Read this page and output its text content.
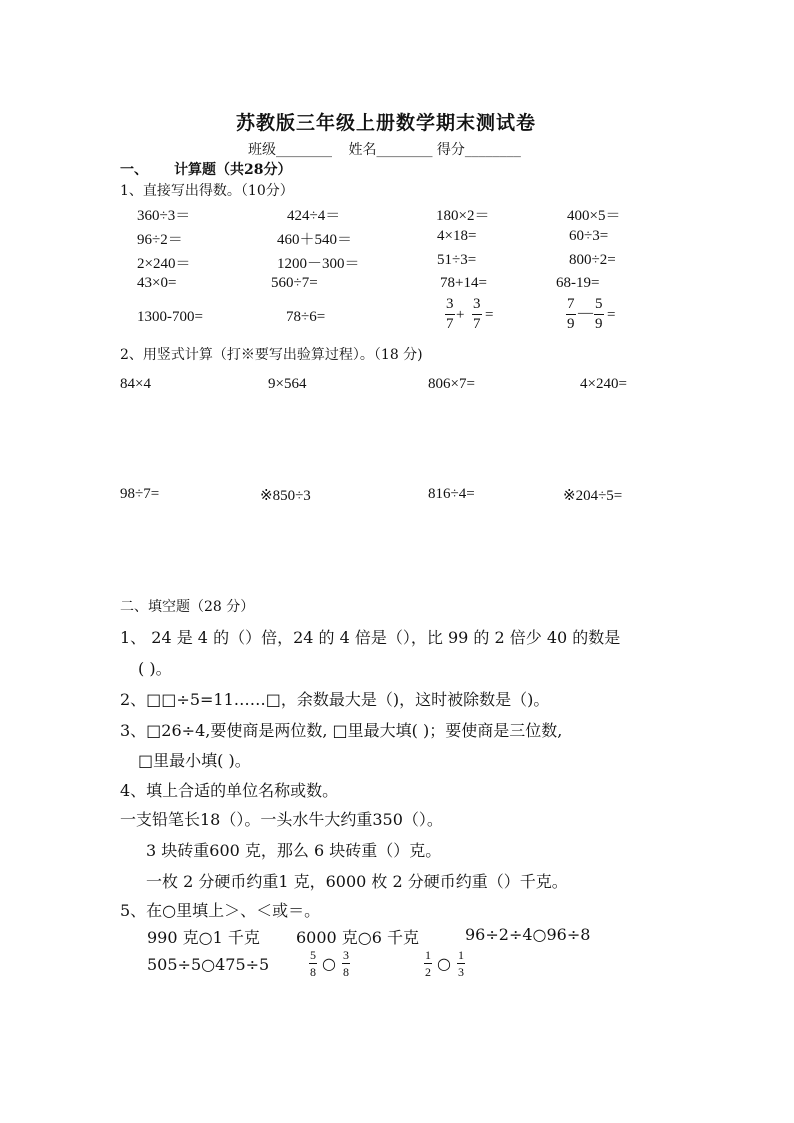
苏教版三年级上册数学期末测试卷
班级________ 姓名________ 得分________
一、 计算题（共28分）
1、直接写出得数。（10分）
360÷3＝	424÷4＝	180×2＝	400×5＝
96÷2＝	460＋540＝	4×18=	60÷3=
2×240＝	1200－300＝	51÷3=	800÷2=
43×0=	560÷7=	78+14=	68-19=
1300-700=	78÷6=	$\frac{3}{7} + \frac{3}{7}$ =	$\frac{7}{9}$ — $\frac{5}{9}$ =
2、用竖式计算（打※要写出验算过程）。（18 分)
84×4	9×564	806×7=	4×240=
98÷7=	※850÷3	816÷4=	※204÷5=
二、填空题（28 分）
1、 24 是 4 的（）倍，24 的 4 倍是（），比 99 的 2 倍少 40 的数是
( )。
2、□□÷5=11……□，余数最大是（)，这时被除数是（)。
3、□26÷4,要使商是两位数, □里最大填( )；要使商是三位数,
□里最小填( )。
4、填上合适的单位名称或数。
一支铅笔长18（）。一头水牛大约重350（）。
3 块砖重600 克，那么 6 块砖重（）克。
一枚 2 分硬币约重1 克，6000 枚 2 分硬币约重（）千克。
5、在○里填上＞、＜或＝。
990 克○1 千克 6000 克○6 千克	96÷2÷4○96÷8
505÷5○475÷5	$\frac{5}{8}$ ○ $\frac{3}{8}$	$\frac{1}{2}$ ○ $\frac{1}{3}$
